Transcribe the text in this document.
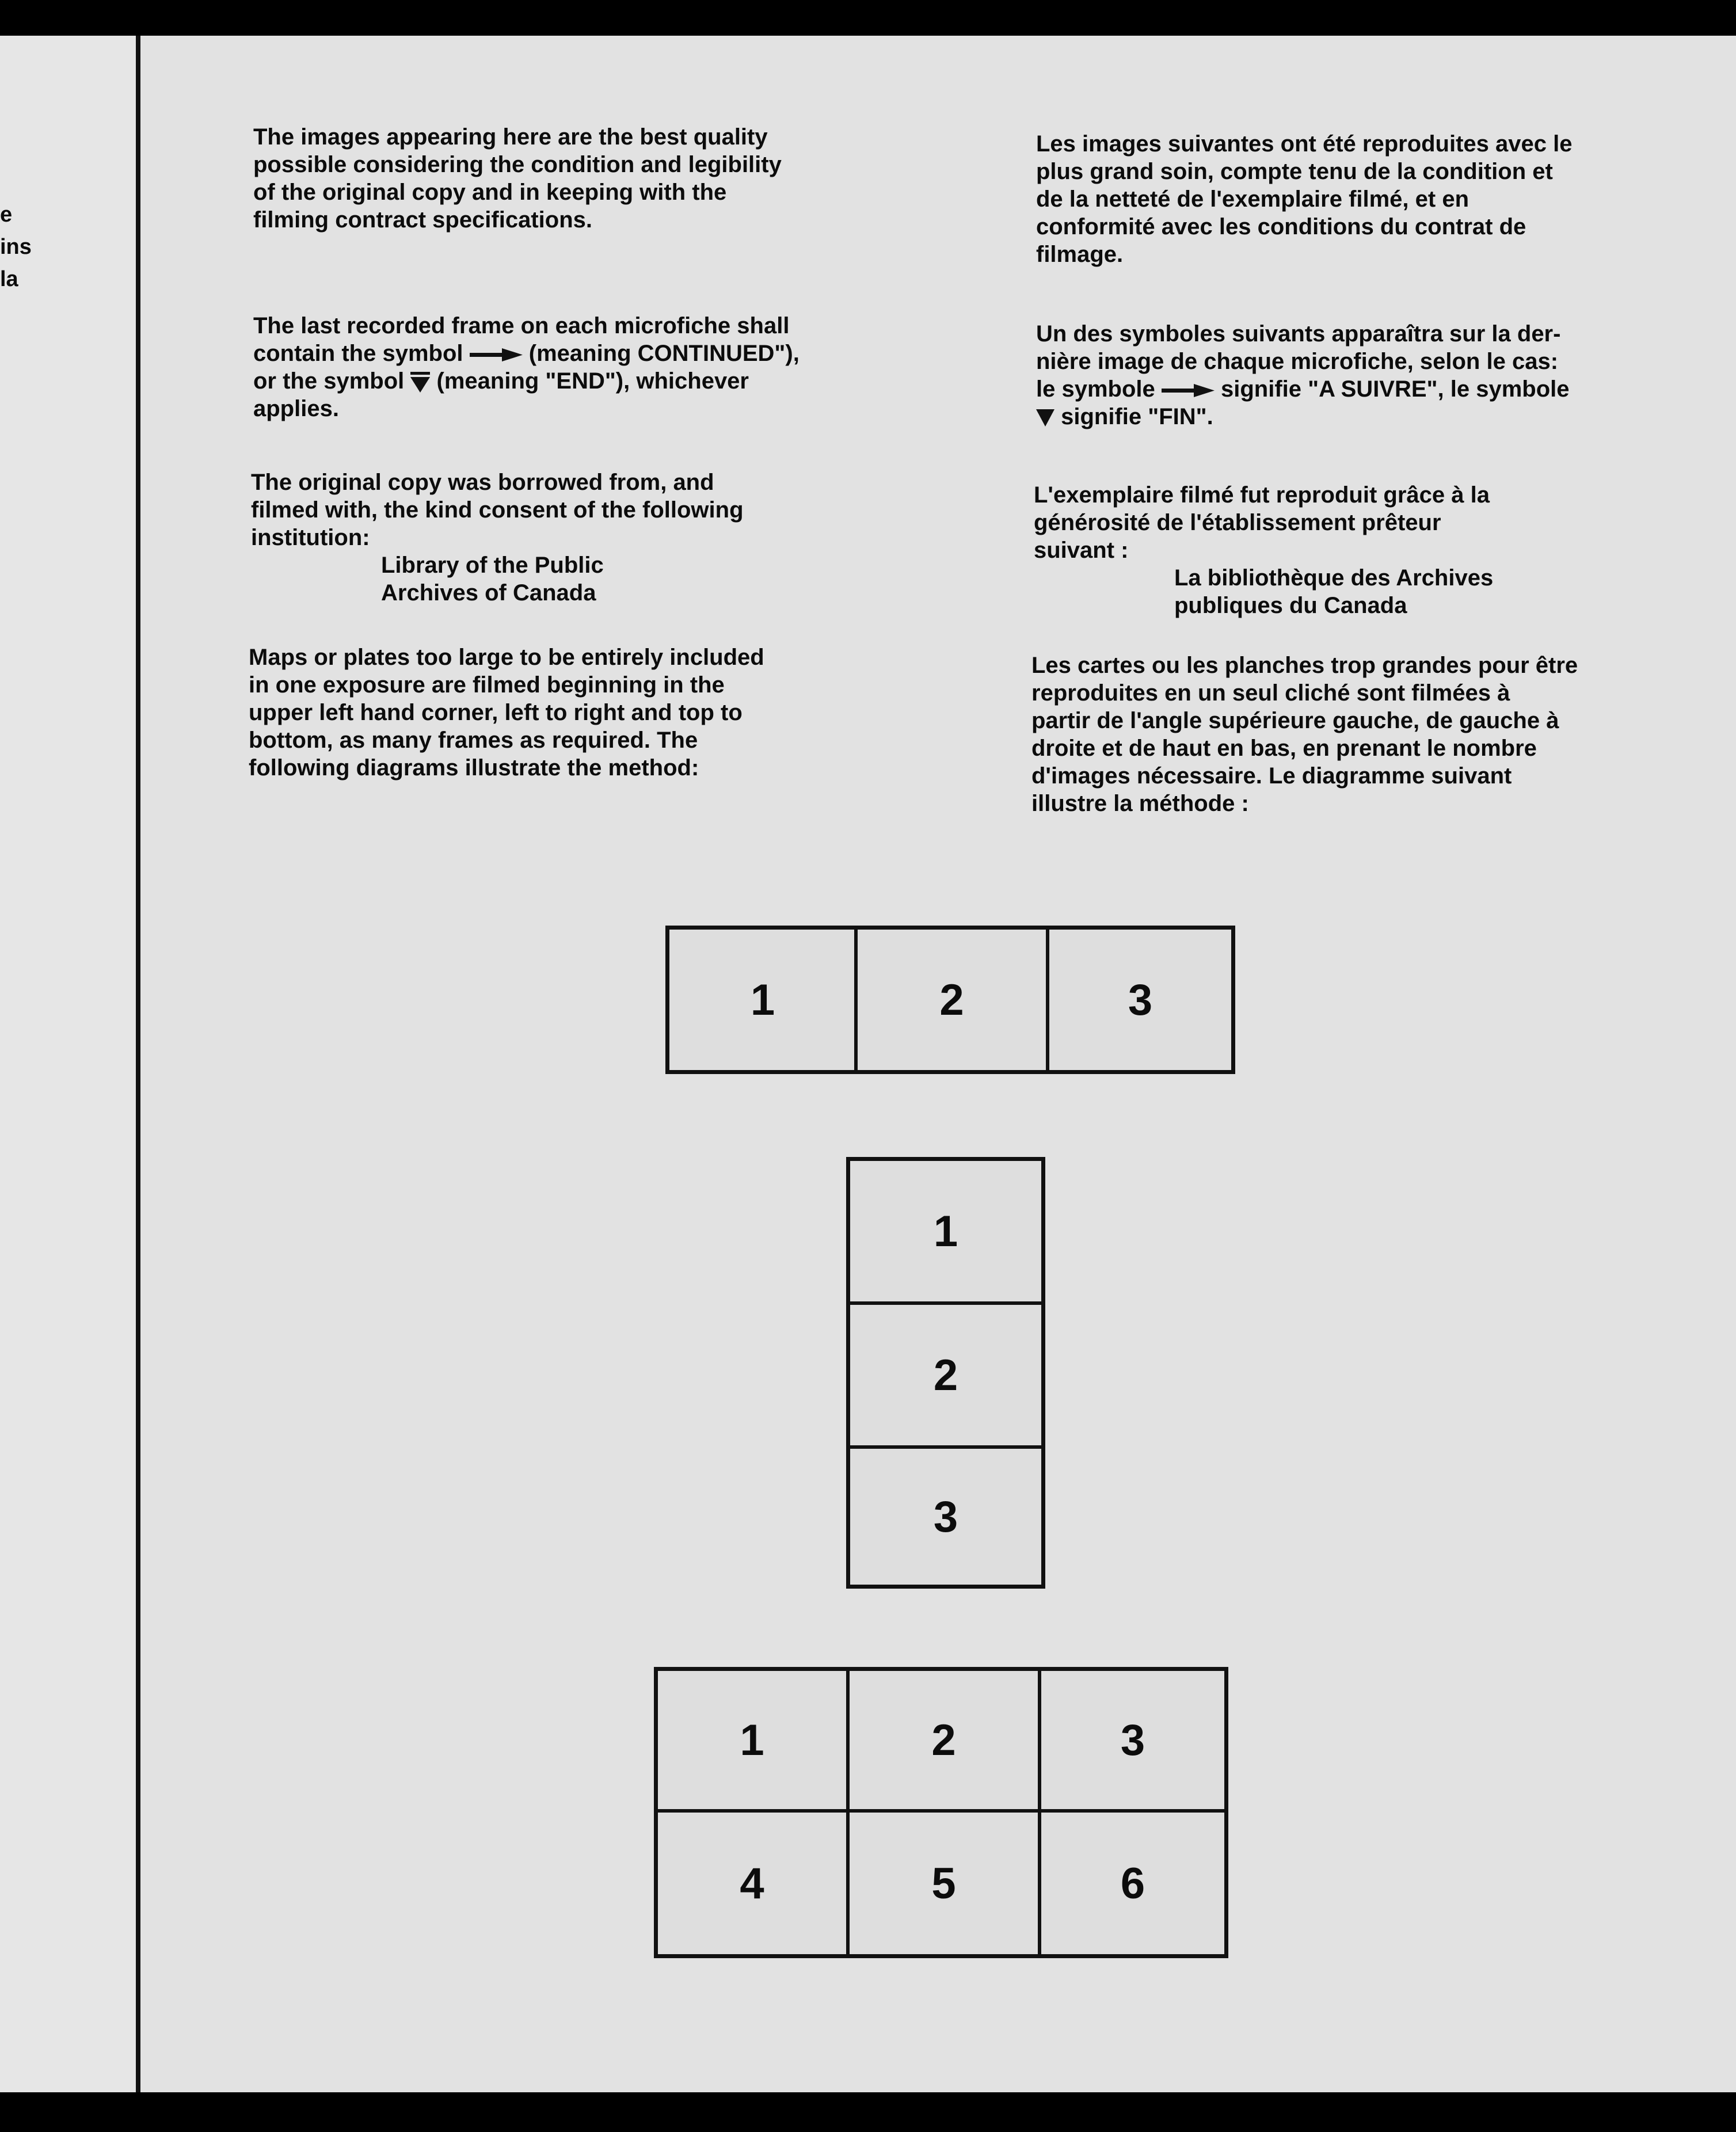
e
ins
la
The images appearing here are the best quality
possible considering the condition and legibility
of the original copy and in keeping with the
filming contract specifications.
The last recorded frame on each microfiche shall
contain the symbol	(meaning CONTINUED"),
or the symbol (meaning "END"), whichever
applies.
The original copy was borrowed from, and
filmed with, the kind consent of the following
institution:
Library of the Public
Archives of Canada
Maps or plates too large to be entirely included
in one exposure are filmed beginning in the
upper left hand corner, left to right and top to
bottom, as many frames as required. The
following diagrams illustrate the method:
Les images suivantes ont été reproduites avec le
plus grand soin, compte tenu de la condition et
de la netteté de l'exemplaire filmé, et en
conformité avec les conditions du contrat de
filmage.
Un des symboles suivants apparaîtra sur la der-
nière image de chaque microfiche, selon le cas:
le symbole	signifie "A SUIVRE", le symbole
signifie "FIN".
L'exemplaire filmé fut reproduit grâce à la
générosité de l'établissement prêteur
suivant :
La bibliothèque des Archives
publiques du Canada
Les cartes ou les planches trop grandes pour être
reproduites en un seul cliché sont filmées à
partir de l'angle supérieure gauche, de gauche à
droite et de haut en bas, en prenant le nombre
d'images nécessaire. Le diagramme suivant
illustre la méthode :
1	2	3
1
2
3
1	2	3
4	5	6
